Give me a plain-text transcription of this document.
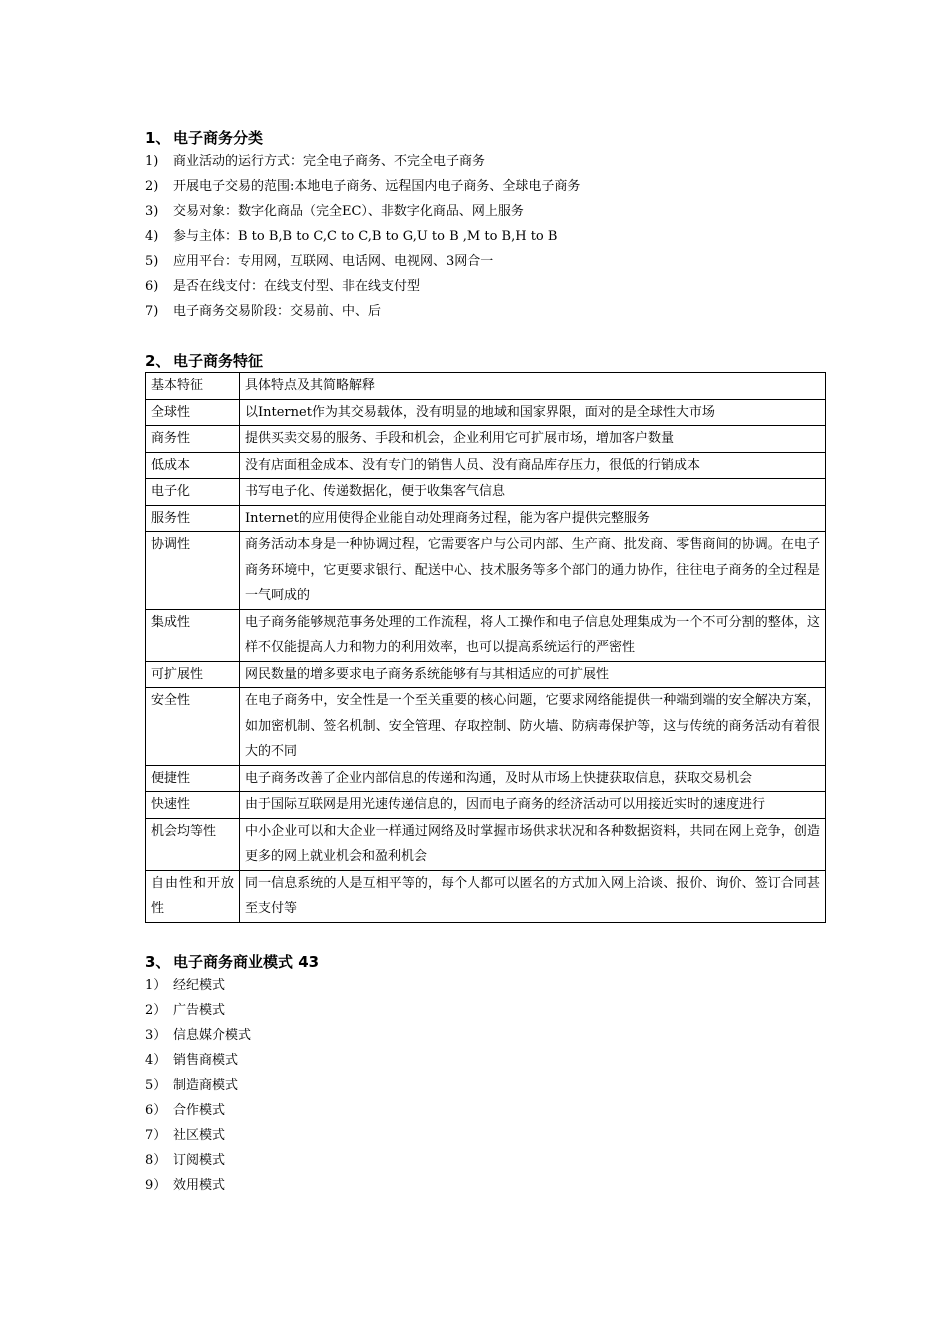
1、 电子商务分类
1) 商业活动的运行方式：完全电子商务、不完全电子商务
2) 开展电子交易的范围:本地电子商务、远程国内电子商务、全球电子商务
3) 交易对象：数字化商品（完全EC）、非数字化商品、网上服务
4) 参与主体：B to B,B to C,C to C,B to G,U to B ,M to B,H to B
5) 应用平台：专用网，互联网、电话网、电视网、3网合一
6) 是否在线支付：在线支付型、非在线支付型
7) 电子商务交易阶段：交易前、中、后
2、 电子商务特征
基本特征	具体特点及其简略解释
全球性	以Internet作为其交易载体，没有明显的地域和国家界限，面对的是全球性大市场
商务性	提供买卖交易的服务、手段和机会，企业利用它可扩展市场，增加客户数量
低成本	没有店面租金成本、没有专门的销售人员、没有商品库存压力，很低的行销成本
电子化	书写电子化、传递数据化，便于收集客气信息
服务性	Internet的应用使得企业能自动处理商务过程，能为客户提供完整服务
协调性	商务活动本身是一种协调过程，它需要客户与公司内部、生产商、批发商、零售商间的协调。在电子商务环境中，它更要求银行、配送中心、技术服务等多个部门的通力协作，往往电子商务的全过程是一气呵成的
集成性	电子商务能够规范事务处理的工作流程，将人工操作和电子信息处理集成为一个不可分割的整体，这样不仅能提高人力和物力的利用效率，也可以提高系统运行的严密性
可扩展性	网民数量的增多要求电子商务系统能够有与其相适应的可扩展性
安全性	在电子商务中，安全性是一个至关重要的核心问题，它要求网络能提供一种端到端的安全解决方案，如加密机制、签名机制、安全管理、存取控制、防火墙、防病毒保护等，这与传统的商务活动有着很大的不同
便捷性	电子商务改善了企业内部信息的传递和沟通，及时从市场上快捷获取信息，获取交易机会
快速性	由于国际互联网是用光速传递信息的，因而电子商务的经济活动可以用接近实时的速度进行
机会均等性	中小企业可以和大企业一样通过网络及时掌握市场供求状况和各种数据资料，共同在网上竞争，创造更多的网上就业机会和盈利机会
自由性和开放性	同一信息系统的人是互相平等的，每个人都可以匿名的方式加入网上洽谈、报价、询价、签订合同甚至支付等
3、 电子商务商业模式 43
1） 经纪模式
2） 广告模式
3） 信息媒介模式
4） 销售商模式
5） 制造商模式
6） 合作模式
7） 社区模式
8） 订阅模式
9） 效用模式
